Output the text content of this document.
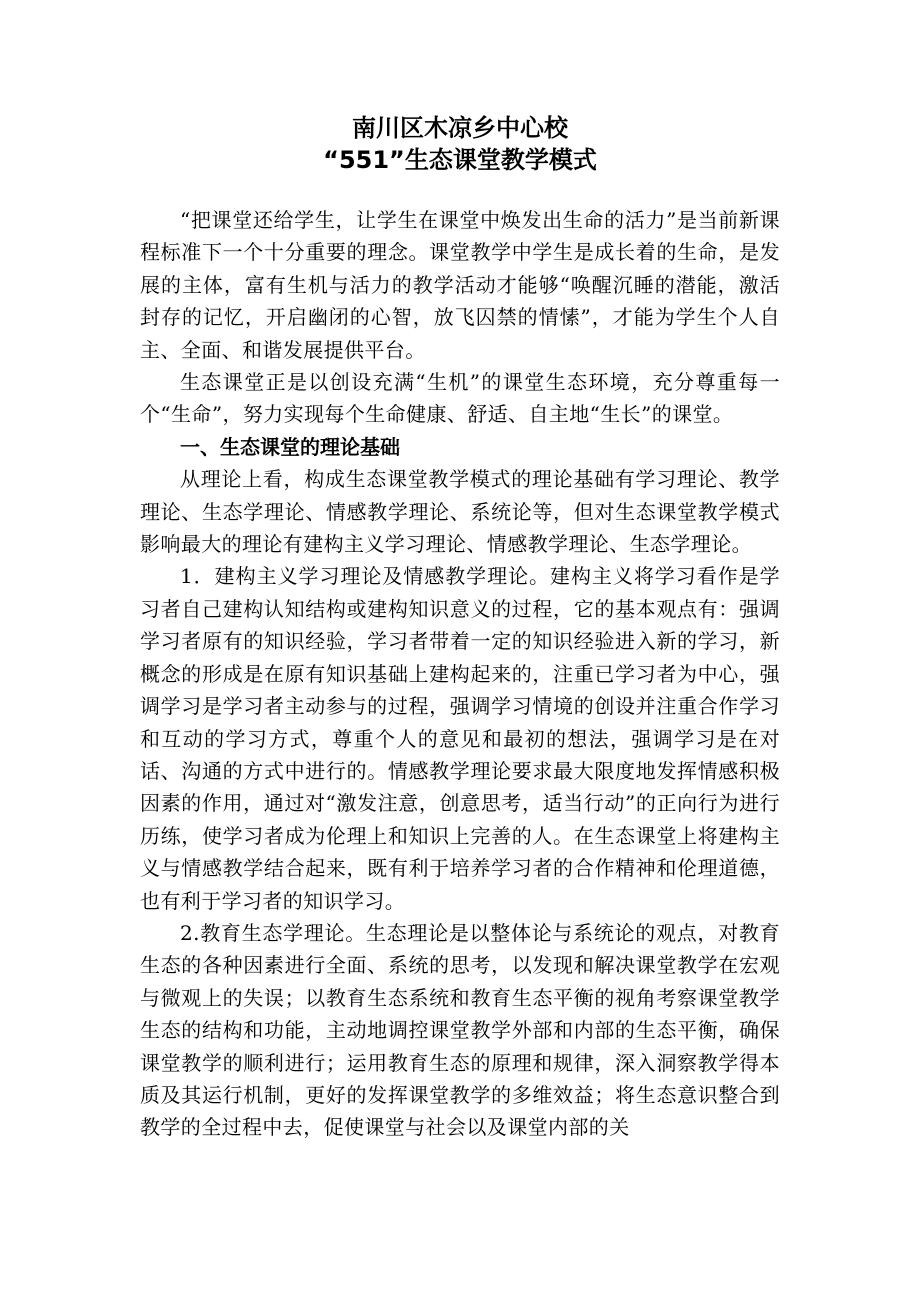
南川区木凉乡中心校
“551”生态课堂教学模式

“把课堂还给学生，让学生在课堂中焕发出生命的活力”是当前新课程标准下一个十分重要的理念。课堂教学中学生是成长着的生命，是发展的主体，富有生机与活力的教学活动才能够“唤醒沉睡的潜能，激活封存的记忆，开启幽闭的心智，放飞囚禁的情愫”，才能为学生个人自主、全面、和谐发展提供平台。

生态课堂正是以创设充满“生机”的课堂生态环境，充分尊重每一个“生命”，努力实现每个生命健康、舒适、自主地“生长”的课堂。

一、生态课堂的理论基础

从理论上看，构成生态课堂教学模式的理论基础有学习理论、教学理论、生态学理论、情感教学理论、系统论等，但对生态课堂教学模式影响最大的理论有建构主义学习理论、情感教学理论、生态学理论。

1．建构主义学习理论及情感教学理论。建构主义将学习看作是学习者自己建构认知结构或建构知识意义的过程，它的基本观点有：强调学习者原有的知识经验，学习者带着一定的知识经验进入新的学习，新概念的形成是在原有知识基础上建构起来的，注重已学习者为中心，强调学习是学习者主动参与的过程，强调学习情境的创设并注重合作学习和互动的学习方式，尊重个人的意见和最初的想法，强调学习是在对话、沟通的方式中进行的。情感教学理论要求最大限度地发挥情感积极因素的作用，通过对“激发注意，创意思考，适当行动”的正向行为进行历练，使学习者成为伦理上和知识上完善的人。在生态课堂上将建构主义与情感教学结合起来，既有利于培养学习者的合作精神和伦理道德，也有利于学习者的知识学习。

2.教育生态学理论。生态理论是以整体论与系统论的观点，对教育生态的各种因素进行全面、系统的思考，以发现和解决课堂教学在宏观与微观上的失误；以教育生态系统和教育生态平衡的视角考察课堂教学生态的结构和功能，主动地调控课堂教学外部和内部的生态平衡，确保课堂教学的顺利进行；运用教育生态的原理和规律，深入洞察教学得本质及其运行机制，更好的发挥课堂教学的多维效益；将生态意识整合到教学的全过程中去，促使课堂与社会以及课堂内部的关
